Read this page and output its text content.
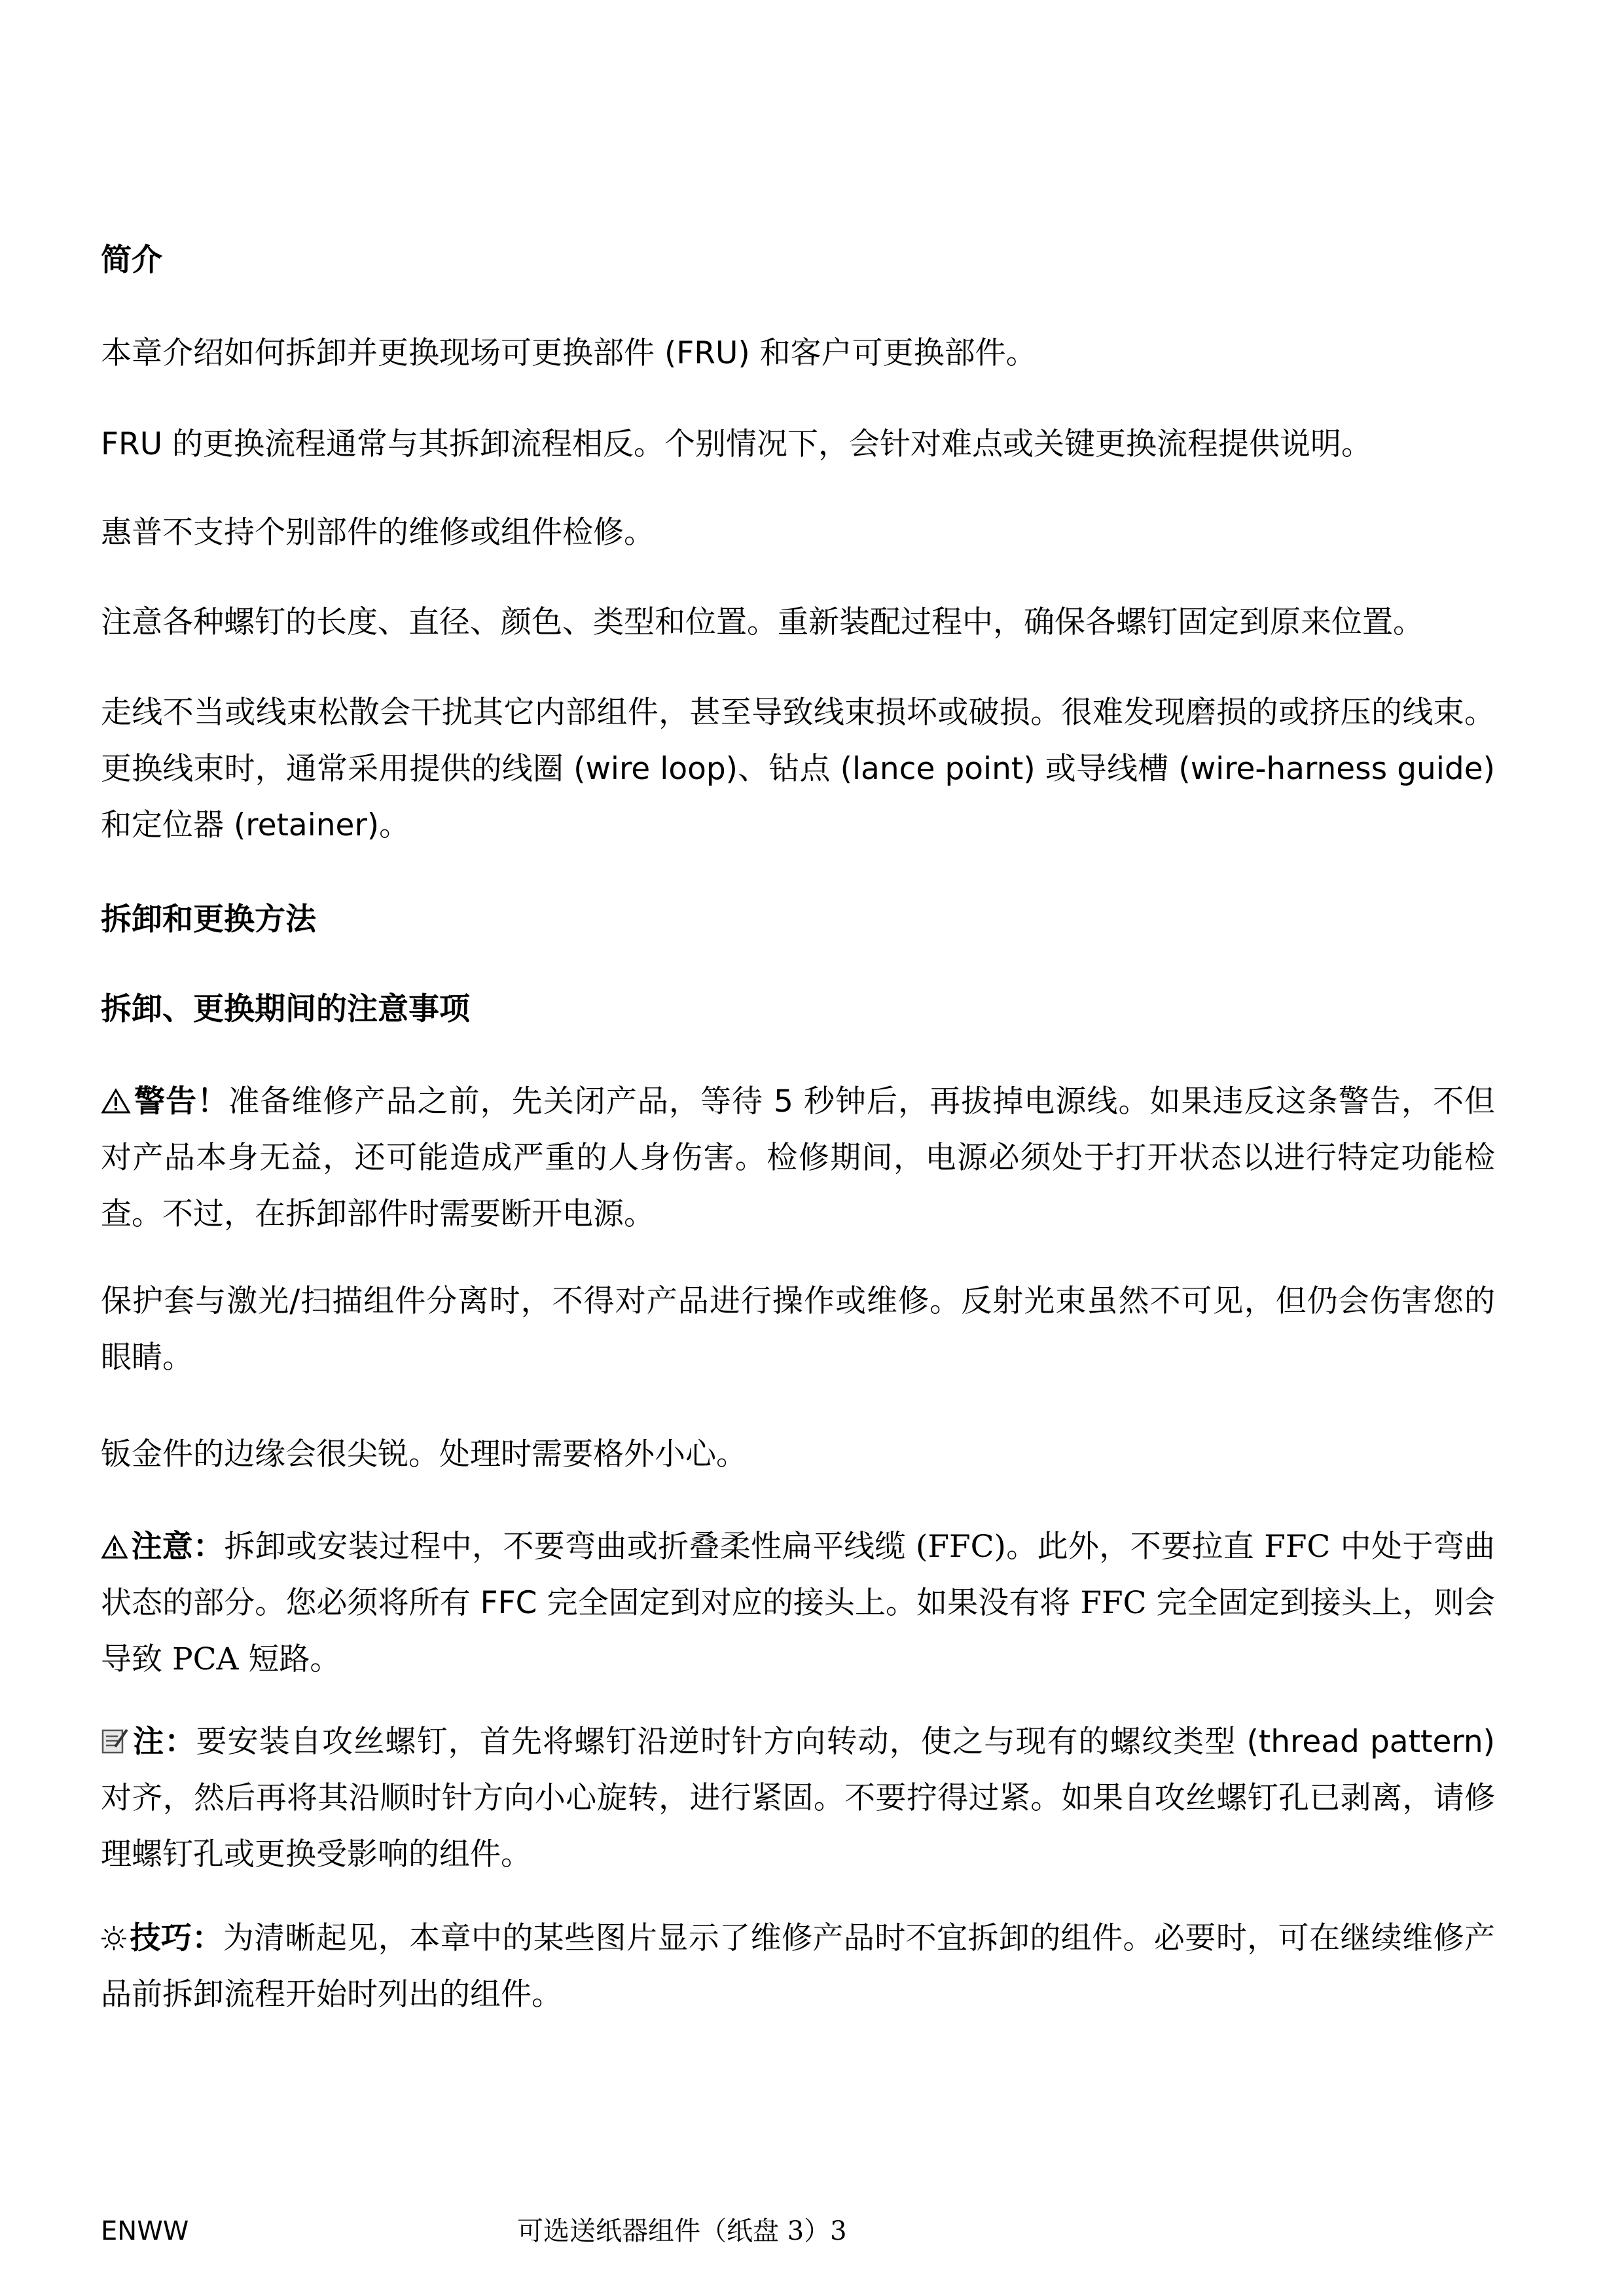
简介

本章介绍如何拆卸并更换现场可更换部件 (FRU) 和客户可更换部件。

FRU 的更换流程通常与其拆卸流程相反。个别情况下，会针对难点或关键更换流程提供说明。

惠普不支持个别部件的维修或组件检修。

注意各种螺钉的长度、直径、颜色、类型和位置。重新装配过程中，确保各螺钉固定到原来位置。

走线不当或线束松散会干扰其它内部组件，甚至导致线束损坏或破损。很难发现磨损的或挤压的线束。更换线束时，通常采用提供的线圈 (wire loop)、钻点 (lance point) 或导线槽 (wire-harness guide) 和定位器 (retainer)。

拆卸和更换方法
拆卸、更换期间的注意事项

警告！准备维修产品之前，先关闭产品，等待 5 秒钟后，再拔掉电源线。如果违反这条警告，不但对产品本身无益，还可能造成严重的人身伤害。检修期间，电源必须处于打开状态以进行特定功能检查。不过，在拆卸部件时需要断开电源。

保护套与激光/扫描组件分离时，不得对产品进行操作或维修。反射光束虽然不可见，但仍会伤害您的眼睛。

钣金件的边缘会很尖锐。处理时需要格外小心。

注意：拆卸或安装过程中，不要弯曲或折叠柔性扁平线缆 (FFC)。此外，不要拉直 FFC 中处于弯曲状态的部分。您必须将所有 FFC 完全固定到对应的接头上。如果没有将 FFC 完全固定到接头上，则会导致 PCA 短路。

注：要安装自攻丝螺钉，首先将螺钉沿逆时针方向转动，使之与现有的螺纹类型 (thread pattern) 对齐，然后再将其沿顺时针方向小心旋转，进行紧固。不要拧得过紧。如果自攻丝螺钉孔已剥离，请修理螺钉孔或更换受影响的组件。

技巧：为清晰起见，本章中的某些图片显示了维修产品时不宜拆卸的组件。必要时，可在继续维修产品前拆卸流程开始时列出的组件。

ENWW	可选送纸器组件（纸盘 3）3
